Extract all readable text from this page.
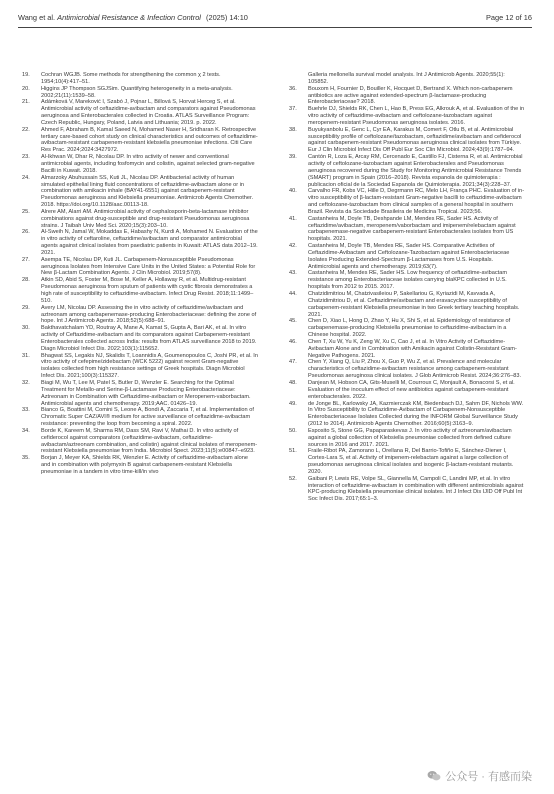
Wang et al. Antimicrobial Resistance & Infection Control (2025) 14:10	Page 12 of 16
19.	Cochran WGJB. Some methods for strengthening the common χ 2 tests. 1954;10(4):417–51.
20.	Higgins JP Thompson SGJSim. Quantifying heterogeneity in a meta-analysis. 2002;21(11):1539–58.
21.	Adámková V, Mareković I, Szabó J, Pojnar L, Billová S, Horvat Herceg S, et al. Antimicrobial activity of ceftazidime-avibactam and comparators against Pseudomonas aeruginosa and Enterobacterales collected in Croatia. ATLAS Surveillance Program: Czech Republic, Hungary, Poland, Latvia and Lithuania; 2019. p. 2022.
22.	Ahmed F, Abraham B, Kamal Saeed N, Mohamed Naser H, Sridharan K. Retrospective tertiary care-based cohort study on clinical characteristics and outcomes of ceftazidime-avibactam-resistant carbapenem-resistant klebsiella pneumoniae infections. Citi Care Res Prac. 2024;2024:3427972.
23.	Al-Ikhwan W, Dhar R, Nicolau DP. In vitro activity of newer and conventional antimicrobial agents, including fosfomycin and colistin, against selected gram-negative Bacilli in Kuwait. 2018.
24.	Almarzoky Abuhussain SS, Kuti JL, Nicolau DP. Antibacterial activity of human simulated epithelial lining fluid concentrations of ceftazidime-avibactam alone or in combination with amikacin inhale (BAY41-6551) against carbapenem-resistant Pseudomonas aeruginosa and Klebsiella pneumoniae. Antimicrob Agents Chemother. 2018. https://doi.org/10.1128/aac.00113-18.
25.	Alrere AM, Alarri AM. Antimicrobial activity of cephalosporin-beta-lactamase inhibitor combinations against drug-susceptible and drug-resistant Pseudomonas aeruginosa strains. J Taibah Univ Med Sci. 2020;15(3):203–10.
26.	Al-Sweih N, Jamal W, Mokaddas E, Habashy N, Kurdi A, Mohamed N. Evaluation of the in vitro activity of ceftaroline, ceftazidime/avibactam and comparator antimicrobial agents against clinical isolates from paediatric patients in Kuwait: ATLAS data 2012–19. 2021.
27.	Asempa TE, Nicolau DP, Kuti JL. Carbapenem-Nonsusceptible Pseudomonas aeruginosa Isolates from Intensive Care Units in the United States: a Potential Role for New β-Lactam Combination Agents. J Clin Microbiol. 2019;57(8).
28.	Atkin SD, Abid S, Foster M, Bose M, Keller A, Hollaway R, et al. Multidrug-resistant Pseudomonas aeruginosa from sputum of patients with cystic fibrosis demonstrates a high rate of susceptibility to ceftazidime-avibactam. Infect Drug Resist. 2018;11:1499–510.
29.	Avery LM, Nicolau DP. Assessing the in vitro activity of ceftazidime/avibactam and aztreonam among carbapenemase-producing Enterobacteriaceae: defining the zone of hope. Int J Antimicrob Agents. 2018;52(5):688–91.
30.	Bakthavatchalam YD, Routray A, Mane A, Kamat S, Gupta A, Bari AK, et al. In vitro activity of Ceftazidime-avibactam and its comparators against Carbapenem-resistant Enterobacterales collected across India: results from ATLAS surveillance 2018 to 2019. Diagn Microbiol Infect Dis. 2022;103(1):115652.
31.	Bhagwat SS, Legakis NJ, Skalidis T, Loannidis A, Goumenopoulos C, Joshi PR, et al. In vitro activity of cefepime/zidebactam (WCK 5222) against recent Gram-negative isolates collected from high resistance settings of Greek hospitals. Diagn Microbiol Infect Dis. 2021;100(3):115327.
32.	Biagi M, Wu T, Lee M, Patel S, Butler D, Wenzler E. Searching for the Optimal Treatment for Metallo-and Serine-β-Lactamase Producing Enterobacteriaceae: Aztreonam in Combination with Ceftazidime-avibactam or Meropenem-vaborbactam. Antimicrobial agents and chemotherapy. 2019;AAC. 01426–19.
33.	Bianco G, Boattini M, Comini S, Leone A, Bondi A, Zaccaria T, et al. Implementation of Chromatic Super CAZ/AVI® medium for active surveillance of ceftazidime-avibactam resistance: preventing the loop from becoming a spiral. 2022.
34.	Borde K, Kareem M, Sharma RM, Dass SM, Ravi V, Mathai D. In vitro activity of cefiderocol against comparators (ceftazidime-avibactam, ceftazidime-avibactam/aztreonam combination, and colistin) against clinical isolates of meropenem-resistant Klebsiella pneumoniae from India. Microbiol Spect. 2023;11(5):e00847–e923.
35.	Borjan J, Meyer KA, Shields RK, Wenzler E. Activity of ceftazidime-avibactam alone and in combination with polymyxin B against carbapenem-resistant Klebsiella pneumoniae in a tandem in vitro time-kill/in vivo
Galleria mellonella survival model analysis. Int J Antimicrob Agents. 2020;55(1): 105852.
36.	Bouxom H, Fournier D, Bouiller K, Hocquet D, Bertrand X. Which non-carbapenem antibiotics are active against extended-spectrum β-lactamase-producing Enterobacteriaceae? 2018.
37.	Buehrle DJ, Shields RK, Chen L, Hao B, Press EG, Alkrouk A, et al. Evaluation of the in vitro activity of ceftazidime-avibactam and ceftolozane-tazobactam against meropenem-resistant Pseudomonas aeruginosa isolates. 2016.
38.	Buyukyanbolu E, Genc L, Cyr EA, Karakus M, Comert F, Otlu B, et al. Antimicrobial susceptibility profile of ceftolozane/tazobactam, ceftazidime/avibactam and cefiderocol against carbapenem-resistant Pseudomonas aeruginosa clinical isolates from Türkiye. Eur J Clin Microbiol Infect Dis Off Publ Eur Soc Clin Microbiol. 2024;43(9):1787–94.
39.	Cantón R, Loza E, Arcay RM, Cercenado E, Castillo FJ, Cisterna R, et al. Antimicrobial activity of ceftolozane-tazobactam against Enterobacterales and Pseudomonas aeruginosa recovered during the Study for Monitoring Antimicrobial Resistance Trends (SMART) program in Spain (2016–2018). Revista espanola de quimioterapia : publicacion oficial de la Sociedad Espanola de Quimioterapia. 2021;34(3):228–37.
40.	Carvalho FR, Kobs VC, Hille D, Degrmann RC, Melo LH, França PHC. Evaluation of in-vitro susceptibility of β-lactam-resistant Gram-negative bacilli to ceftazidime-avibactam and ceftolozane-tazobactam from clinical samples of a general hospital in southern Brazil. Revista da Sociedade Brasileira de Medicina Tropical. 2023;56.
41.	Castanheira M, Doyle TB, Deshpande LM, Mendes RE, Sader HS. Activity of ceftazidime/avibactam, meropenem/vaborbactam and imipenem/relebactam against carbapenemase-negative carbapenem-resistant Enterobacterales isolates from US hospitals. 2021.
42.	Castanheira M, Doyle TB, Mendes RE, Sader HS. Comparative Activities of Ceftazidime-Avibactam and Ceftolozane-Tazobactam against Enterobacteriaceae Isolates Producing Extended-Spectrum β-Lactamases from U.S. Hospitals. Antimicrobial agents and chemotherapy. 2019;63(7).
43.	Castanheira M, Mendes RE, Sader HS. Low frequency of ceftazidime-avibactam resistance among Enterobacteriaceae isolates carrying blaKPC collected in U.S. hospitals from 2012 to 2015. 2017.
44.	Chatzidimitriou M, Chatzivasileiou P, Sakellariou G, Kyriazidi M, Kavvada A, Chatzidimitriou D, et al. Ceftazidime/avibactam and eravacycline susceptibility of carbapenem-resistant Klebsiella pneumoniae in two Greek tertiary teaching hospitals. 2021.
45.	Chen D, Xiao L, Hong D, Zhao Y, Hu X, Shi S, et al. Epidemiology of resistance of carbapenemase-producing Klebsiella pneumoniae to ceftazidime-avibactam in a Chinese hospital. 2022.
46.	Chen T, Xu W, Yu K, Zeng W, Xu C, Cao J, et al. In Vitro Activity of Ceftazidime-Avibactam Alone and in Combination with Amikacin against Colistin-Resistant Gram-Negative Pathogens. 2021.
47.	Chen Y, Xiang Q, Liu P, Zhou X, Guo P, Wu Z, et al. Prevalence and molecular characteristics of ceftazidime-avibactam resistance among carbapenem-resistant Pseudomonas aeruginosa clinical isolates. J Glob Antimicrob Resist. 2024;36:276–83.
48.	Danjean M, Hobson CA, Gits-Muselli M, Courroux C, Monjault A, Bonacorsi S, et al. Evaluation of the inoculum effect of new antibiotics against carbapenem-resistant enterobacterales. 2022.
49.	de Jonge BL, Karlowsky JA, Kazmierczak KM, Biedenbach DJ, Sahm DF, Nichols WW. In Vitro Susceptibility to Ceftazidime-Avibactam of Carbapenem-Nonsusceptible Enterobacteriaceae Isolates Collected during the INFORM Global Surveillance Study (2012 to 2014). Antimicrob Agents Chemother. 2016;60(5):3163–9.
50.	Esposito S, Stone GG, Papaparaskevas J. In vitro activity of aztreonam/avibactam against a global collection of Klebsiella pneumoniae collected from defined culture sources in 2016 and 2017. 2021.
51.	Fraile-Ribot PA, Zamorano L, Orellana R, Del Barrio-Tofiño E, Sánchez-Diener I, Cortes-Lara S, et al. Activity of imipenem-relebactam against a large collection of pseudomonas aeruginosa clinical isolates and isogenic β-lactam-resistant mutants. 2020.
52.	Gaibani P, Lewis RE, Volpe SL, Giannella M, Campoli C, Landini MP, et al. In vitro interaction of ceftazidime-avibactam in combination with different antimicrobials against KPC-producing Klebsiella pneumoniae clinical isolates. Int J Infect Dis IJID Off Publ Int Soc Infect Dis. 2017;65:1–3.
公众号 · 有感而染
